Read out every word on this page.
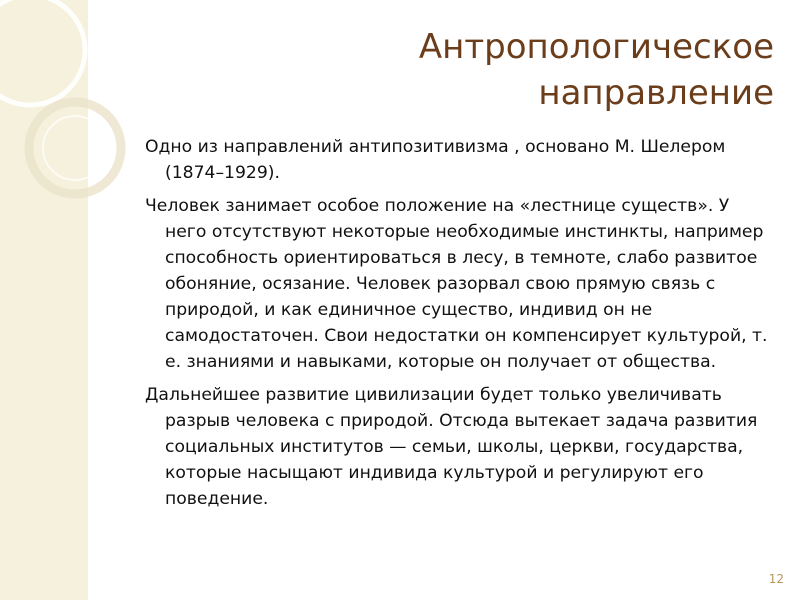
Антропологическое
направление

Одно из направлений антипозитивизма , основано М. Шелером (1874–1929).

Человек занимает особое положение на «лестнице существ». У него отсутствуют некоторые необходимые инстинкты, например способность ориентироваться в лесу, в темноте, слабо развитое обоняние, осязание. Человек разорвал свою прямую связь с природой, и как единичное существо, индивид он не самодостаточен. Свои недостатки он компенсирует культурой, т. е. знаниями и навыками, которые он получает от общества.

Дальнейшее развитие цивилизации будет только увеличивать разрыв человека с природой. Отсюда вытекает задача развития социальных институтов — семьи, школы, церкви, государства, которые насыщают индивида культурой и регулируют его поведение.

12
